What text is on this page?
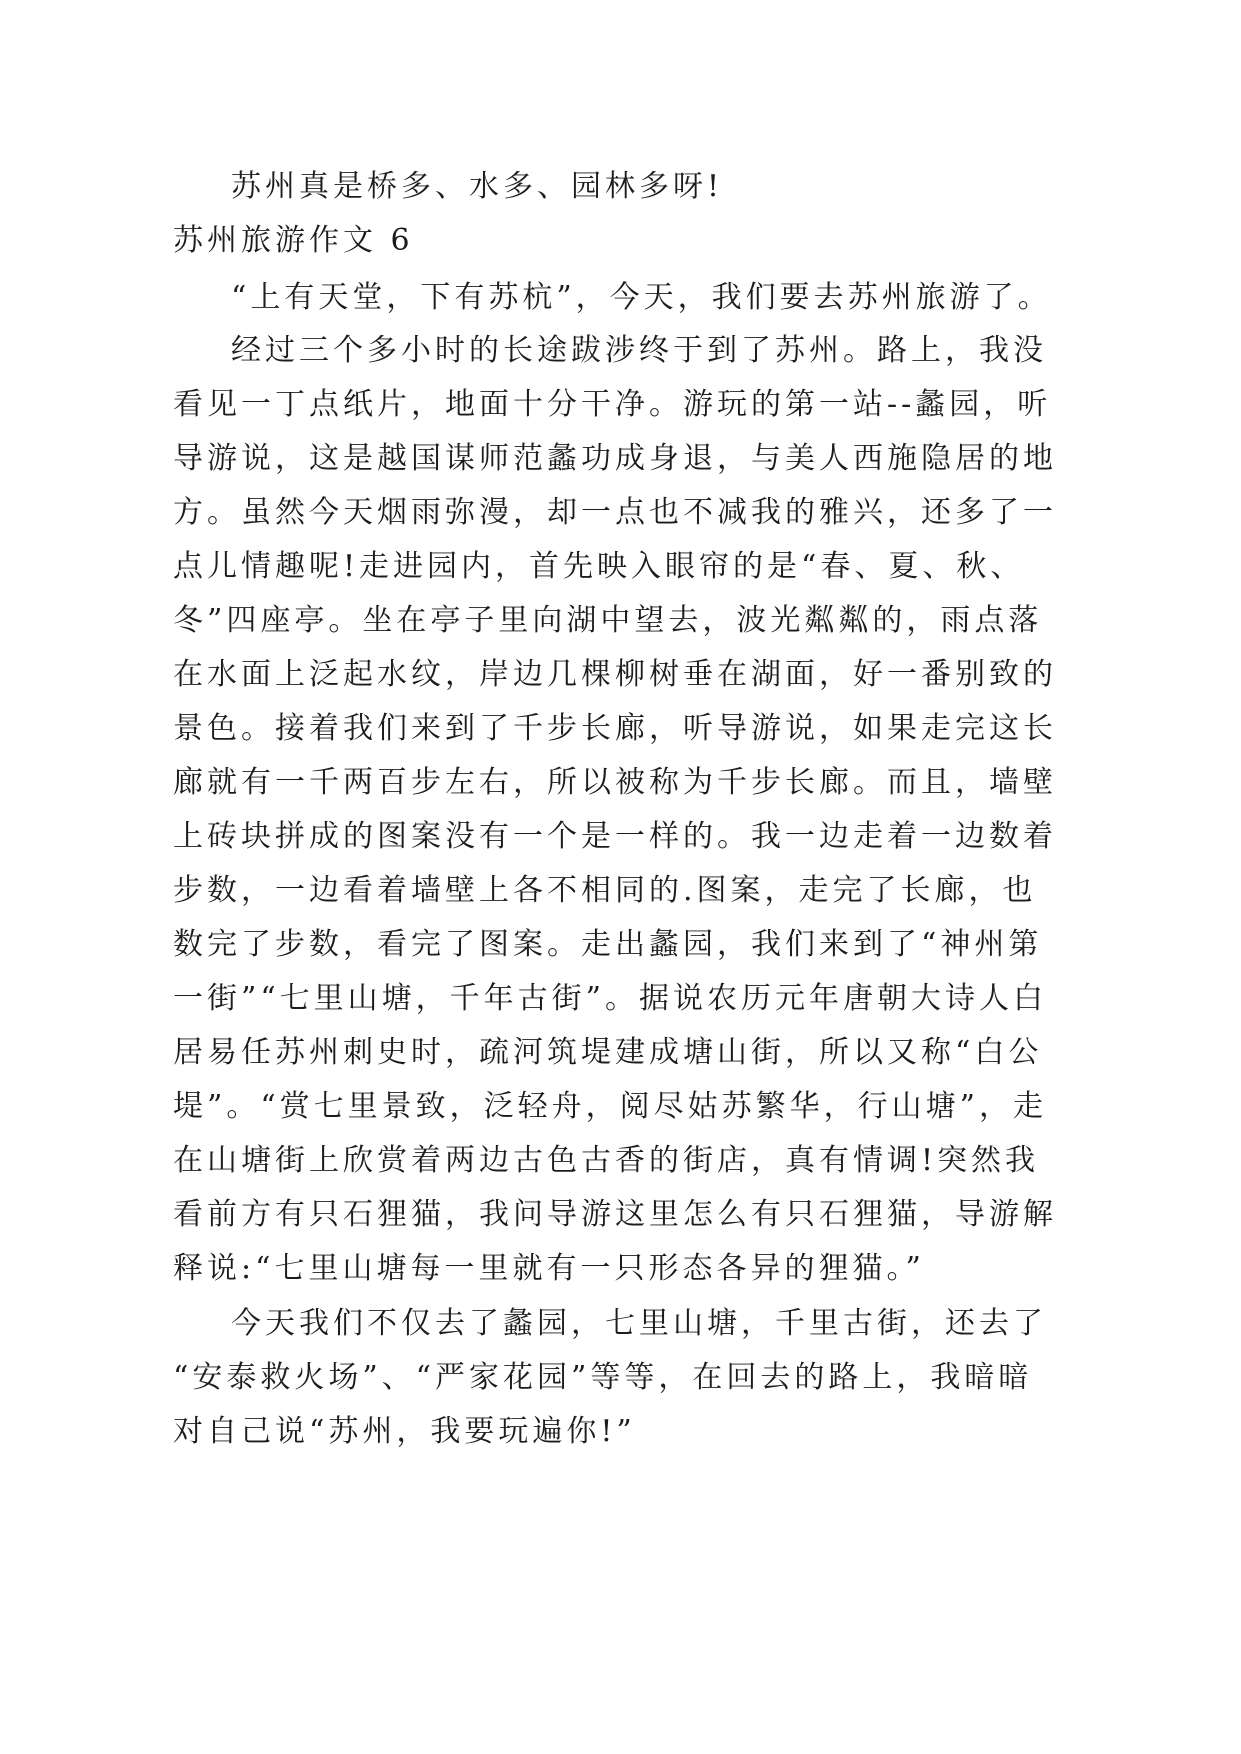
苏州真是桥多、水多、园林多呀!
苏州旅游作文 6
“上有天堂，下有苏杭”，今天，我们要去苏州旅游了。
经过三个多小时的长途跋涉终于到了苏州。路上，我没
看见一丁点纸片，地面十分干净。游玩的第一站--蠡园，听
导游说，这是越国谋师范蠡功成身退，与美人西施隐居的地
方。虽然今天烟雨弥漫，却一点也不减我的雅兴，还多了一
点儿情趣呢!走进园内，首先映入眼帘的是“春、夏、秋、
冬”四座亭。坐在亭子里向湖中望去，波光粼粼的，雨点落
在水面上泛起水纹，岸边几棵柳树垂在湖面，好一番别致的
景色。接着我们来到了千步长廊，听导游说，如果走完这长
廊就有一千两百步左右，所以被称为千步长廊。而且，墙壁
上砖块拼成的图案没有一个是一样的。我一边走着一边数着
步数，一边看着墙壁上各不相同的.图案，走完了长廊，也
数完了步数，看完了图案。走出蠡园，我们来到了“神州第
一街”“七里山塘，千年古街”。据说农历元年唐朝大诗人白
居易任苏州刺史时，疏河筑堤建成塘山街，所以又称“白公
堤”。“赏七里景致，泛轻舟，阅尽姑苏繁华，行山塘”，走
在山塘街上欣赏着两边古色古香的街店，真有情调!突然我
看前方有只石狸猫，我问导游这里怎么有只石狸猫，导游解
释说:“七里山塘每一里就有一只形态各异的狸猫。”
今天我们不仅去了蠡园，七里山塘，千里古街，还去了
“安泰救火场”、“严家花园”等等，在回去的路上，我暗暗
对自己说“苏州，我要玩遍你!”
